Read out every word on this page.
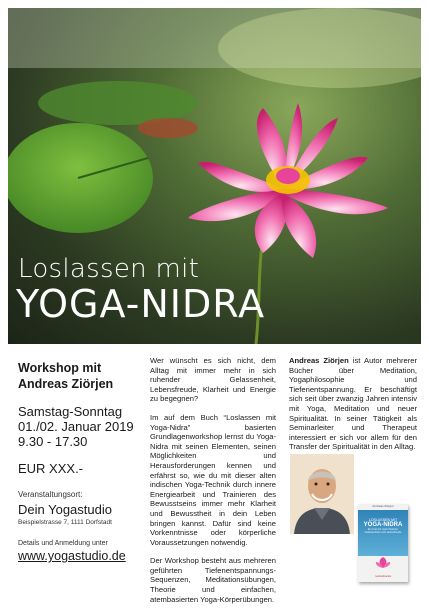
Loslassen mit
YOGA-NIDRA
Workshop mit
Andreas Ziörjen
Samstag-Sonntag
01./02. Januar 2019
9.30 - 17.30
EUR XXX.-
Veranstaltungsort:
Dein Yogastudio
Beispielstrasse 7, 1111 Dorfstadt
Details und Anmeldung unter
www.yogastudio.de

Wer wünscht es sich nicht, dem Alltag mit immer mehr in sich ruhender Gelassenheit, Lebensfreude, Klarheit und Energie zu begegnen?

Im auf dem Buch “Loslassen mit Yoga-Nidra” basierten Grundlagenworkshop lernst du Yoga-Nidra mit seinen Elementen, seinen Möglichkeiten und Herausforderungen kennen und erfährst so, wie du mit dieser alten indischen Yoga-Technik durch innere Energiearbeit und Trainieren des Bewusstseins immer mehr Klarheit und Bewusstheit in dein Leben bringen kannst. Dafür sind keine Vorkenntnisse oder körperliche Voraussetzungen notwendig.

Der Workshop besteht aus mehreren geführten Tiefenentspannungs-Sequenzen, Meditationsübungen, Theorie und einfachen, atembasierten Yoga-Körperübungen.

Andreas Ziörjen ist Autor mehrerer Bücher über Meditation, Yogaphilosophie und Tiefenentspannung. Er beschäftigt sich seit über zwanzig Jahren intensiv mit Yoga, Meditation und neuer Spiritualität. In seiner Tätigkeit als Seminarleiter und Therapeut interessiert er sich vor allem für den Transfer der Spiritualität in den Alltag.

Andreas Ziörjen
LOSLASSEN MIT
YOGA-NIDRA
Ein Kurs für mehr Klarheit, Gelassenheit und Lebensfreude
nodusbooks
